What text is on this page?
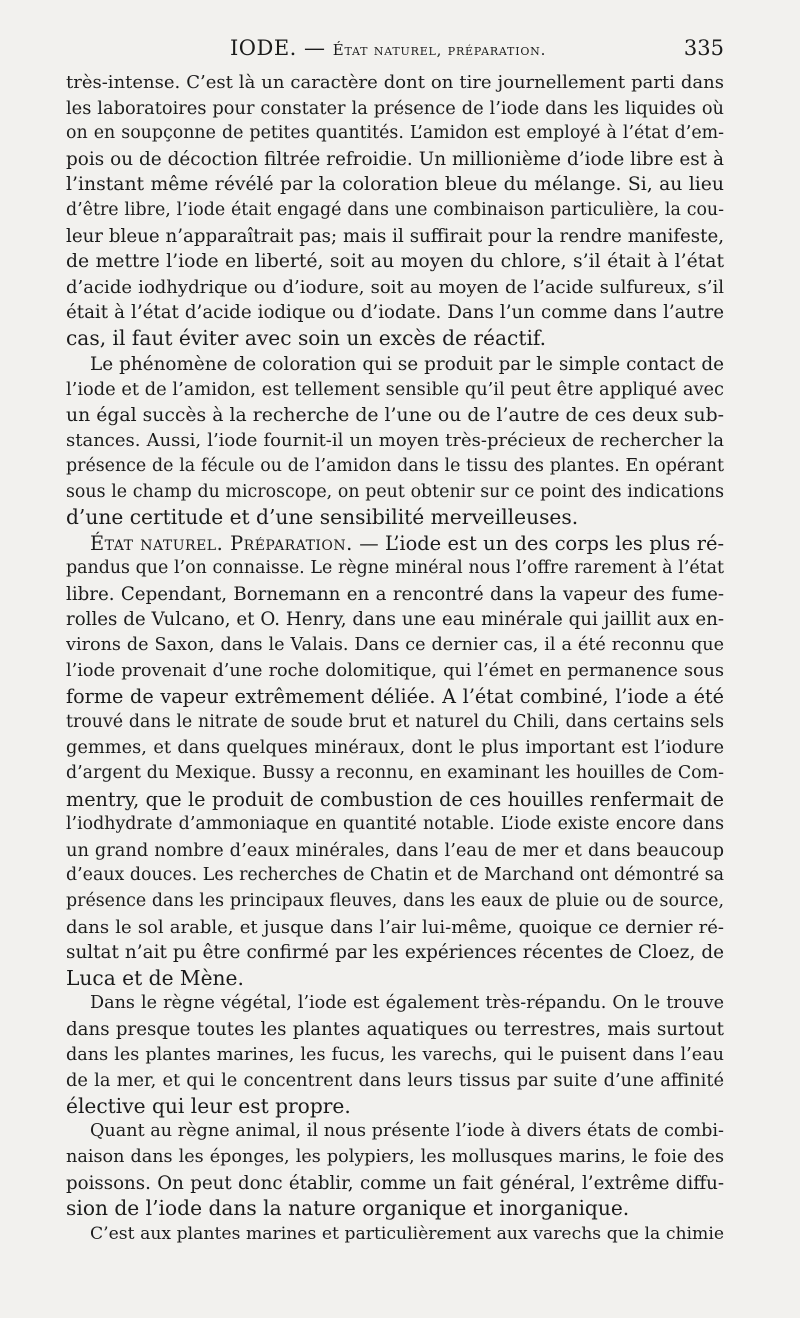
IODE. — État naturel, préparation.	335
très-intense. C’est là un caractère dont on tire journellement parti dans
les laboratoires pour constater la présence de l’iode dans les liquides où
on en soupçonne de petites quantités. L’amidon est employé à l’état d’em-
pois ou de décoction filtrée refroidie. Un millionième d’iode libre est à
l’instant même révélé par la coloration bleue du mélange. Si, au lieu
d’être libre, l’iode était engagé dans une combinaison particulière, la cou-
leur bleue n’apparaîtrait pas; mais il suffirait pour la rendre manifeste,
de mettre l’iode en liberté, soit au moyen du chlore, s’il était à l’état
d’acide iodhydrique ou d’iodure, soit au moyen de l’acide sulfureux, s’il
était à l’état d’acide iodique ou d’iodate. Dans l’un comme dans l’autre
cas, il faut éviter avec soin un excès de réactif.
Le phénomène de coloration qui se produit par le simple contact de
l’iode et de l’amidon, est tellement sensible qu’il peut être appliqué avec
un égal succès à la recherche de l’une ou de l’autre de ces deux sub-
stances. Aussi, l’iode fournit-il un moyen très-précieux de rechercher la
présence de la fécule ou de l’amidon dans le tissu des plantes. En opérant
sous le champ du microscope, on peut obtenir sur ce point des indications
d’une certitude et d’une sensibilité merveilleuses.
État naturel. Préparation. — L’iode est un des corps les plus ré-
pandus que l’on connaisse. Le règne minéral nous l’offre rarement à l’état
libre. Cependant, Bornemann en a rencontré dans la vapeur des fume-
rolles de Vulcano, et O. Henry, dans une eau minérale qui jaillit aux en-
virons de Saxon, dans le Valais. Dans ce dernier cas, il a été reconnu que
l’iode provenait d’une roche dolomitique, qui l’émet en permanence sous
forme de vapeur extrêmement déliée. A l’état combiné, l’iode a été
trouvé dans le nitrate de soude brut et naturel du Chili, dans certains sels
gemmes, et dans quelques minéraux, dont le plus important est l’iodure
d’argent du Mexique. Bussy a reconnu, en examinant les houilles de Com-
mentry, que le produit de combustion de ces houilles renfermait de
l’iodhydrate d’ammoniaque en quantité notable. L’iode existe encore dans
un grand nombre d’eaux minérales, dans l’eau de mer et dans beaucoup
d’eaux douces. Les recherches de Chatin et de Marchand ont démontré sa
présence dans les principaux fleuves, dans les eaux de pluie ou de source,
dans le sol arable, et jusque dans l’air lui-même, quoique ce dernier ré-
sultat n’ait pu être confirmé par les expériences récentes de Cloez, de
Luca et de Mène.
Dans le règne végétal, l’iode est également très-répandu. On le trouve
dans presque toutes les plantes aquatiques ou terrestres, mais surtout
dans les plantes marines, les fucus, les varechs, qui le puisent dans l’eau
de la mer, et qui le concentrent dans leurs tissus par suite d’une affinité
élective qui leur est propre.
Quant au règne animal, il nous présente l’iode à divers états de combi-
naison dans les éponges, les polypiers, les mollusques marins, le foie des
poissons. On peut donc établir, comme un fait général, l’extrême diffu-
sion de l’iode dans la nature organique et inorganique.
C’est aux plantes marines et particulièrement aux varechs que la chimie
